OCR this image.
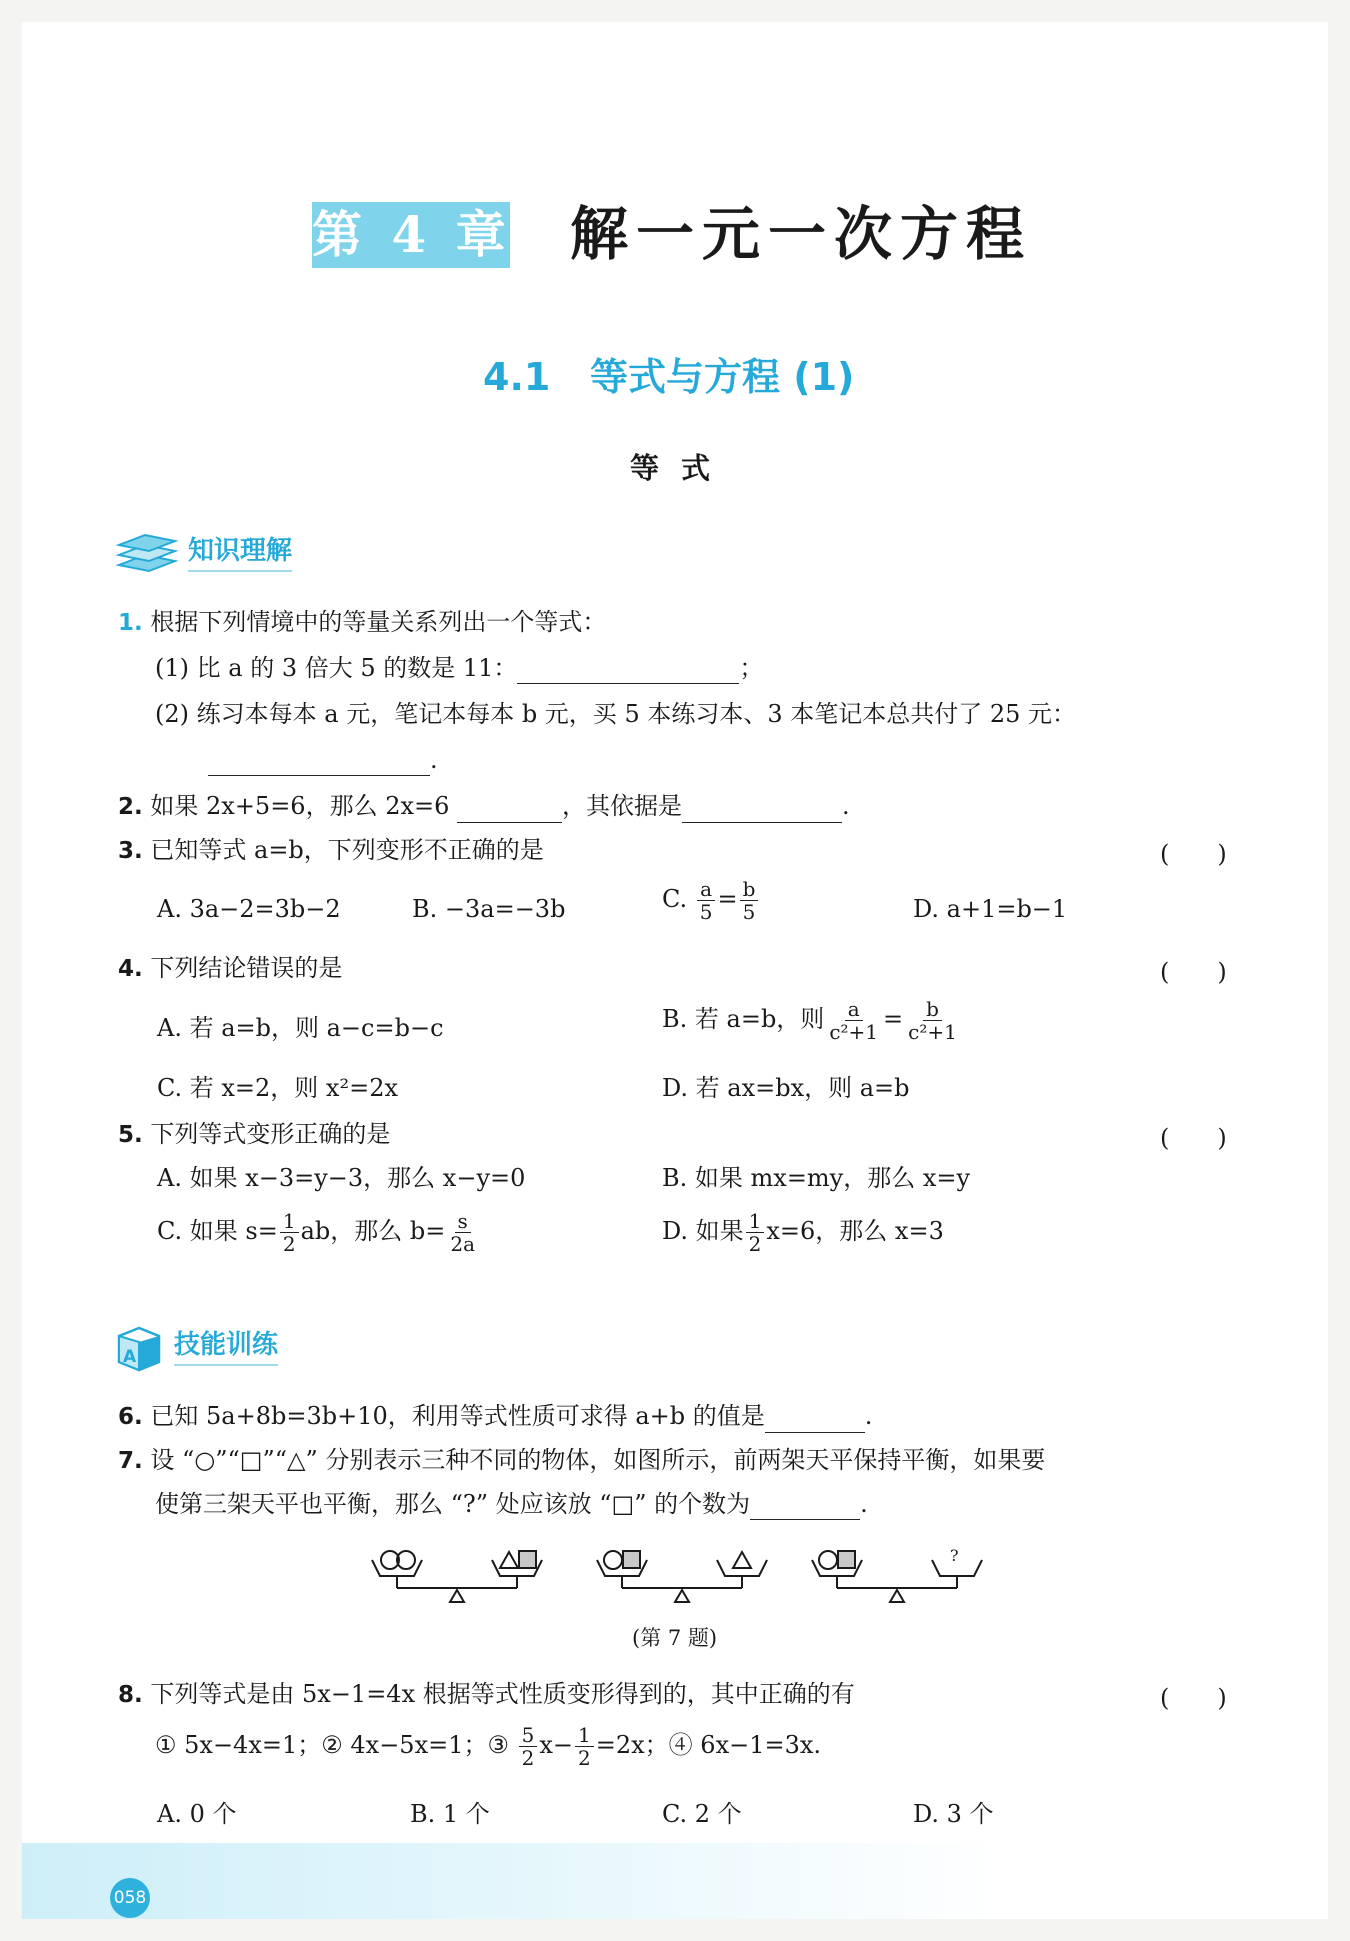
第 4 章 解一元一次方程
4.1 等式与方程 (1)
等式
知识理解
1. 根据下列情境中的等量关系列出一个等式：
(1) 比 a 的 3 倍大 5 的数是 11：	；
(2) 练习本每本 a 元，笔记本每本 b 元，买 5 本练习本、3 本笔记本总共付了 25 元：
.
2. 如果 2x+5=6，那么 2x=6	，其依据是	.
3. 已知等式 a=b，下列变形不正确的是	(　　)
A. 3a−2=3b−2	B. −3a=−3b	C. $\frac{a}{5} = \frac{b}{5}$	D. a+1=b−1
4. 下列结论错误的是	(　　)
A. 若 a=b，则 a−c=b−c	B. 若 a=b，则 $\frac{a}{\text{c²+1}} = \frac{b}{\text{c²+1}}$
C. 若 x=2，则 x²=2x	D. 若 ax=bx，则 a=b
5. 下列等式变形正确的是	(　　)
A. 如果 x−3=y−3，那么 x−y=0	B. 如果 mx=my，那么 x=y
C. 如果 $s= \frac{1}{2}$ ab，那么 $b= \frac{s}{2a}$	D. 如果 $\frac{1}{2} x=6$，那么 x=3
A 技能训练
6. 已知 5a+8b=3b+10，利用等式性质可求得 a+b 的值是	.
7. 设 “○”“□”“△” 分别表示三种不同的物体，如图所示，前两架天平保持平衡，如果要
使第三架天平也平衡，那么 “?” 处应该放 “□” 的个数为	.
?
(第 7 题)
8. 下列等式是由 5x−1=4x 根据等式性质变形得到的，其中正确的有	(　　)
① 5x−4x=1；② 4x−5x=1；③ $\frac{5}{2} x- \frac{1}{2} =2x$；④ 6x−1=3x.
A. 0 个	B. 1 个	C. 2 个	D. 3 个
058
